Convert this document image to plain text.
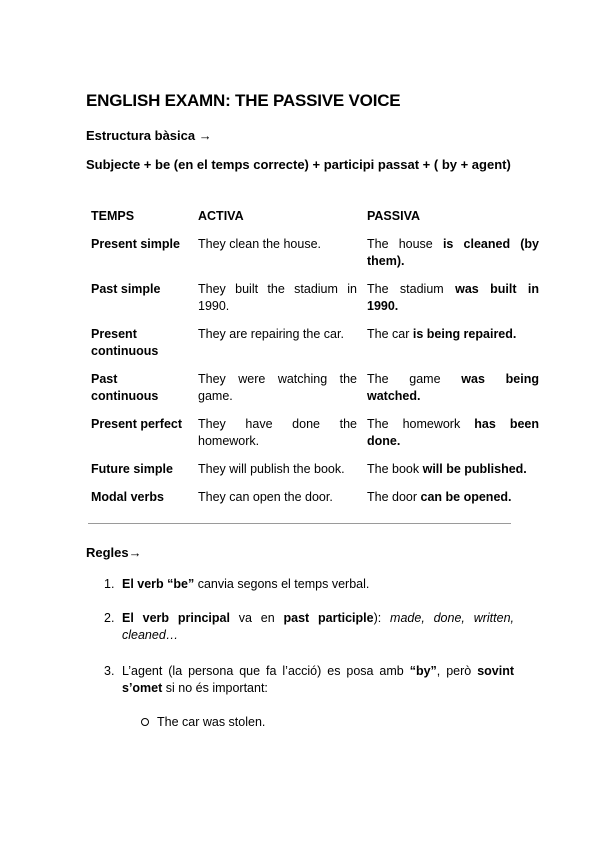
ENGLISH EXAMN: THE PASSIVE VOICE
Estructura bàsica →
Subjecte + be (en el temps correcte) + participi passat + ( by + agent)
TEMPS	ACTIVA	PASSIVA
Present simple	They clean the house.	The house is cleaned (by them).
Past simple	They built the stadium in 1990.	The stadium was built in 1990.
Present continuous	They are repairing the car.	The car is being repaired.
Past continuous	They were watching the game.	The game was being watched.
Present perfect	They have done the homework.	The homework has been done.
Future simple	They will publish the book.	The book will be published.
Modal verbs	They can open the door.	The door can be opened.
Regles→
1. El verb “be” canvia segons el temps verbal.
2. El verb principal va en past participle): made, done, written, cleaned…
3. L’agent (la persona que fa l’acció) es posa amb “by”, però sovint s’omet si no és important:
The car was stolen.
